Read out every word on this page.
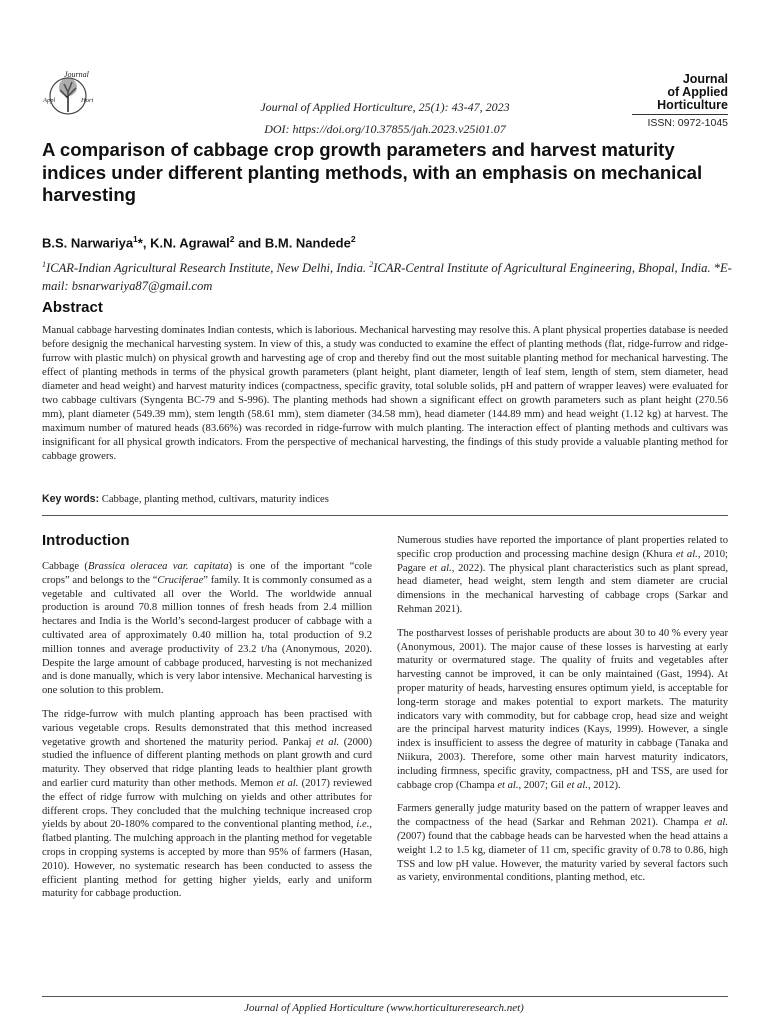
Journal
Appl	Hort	Journal of Applied Horticulture, 25(1): 43-47, 2023
DOI: https://doi.org/10.37855/jah.2023.v25i01.07
Journal
of Applied
Horticulture
ISSN: 0972-1045
A comparison of cabbage crop growth parameters and harvest maturity indices under different planting methods, with an emphasis on mechanical harvesting
B.S. Narwariya$^1$*, K.N. Agrawal$^2$ and B.M. Nandede$^2$
$^1$ICAR-Indian Agricultural Research Institute, New Delhi, India. $^2$ICAR-Central Institute of Agricultural Engineering, Bhopal, India. *E-mail: bsnarwariya87@gmail.com
Abstract

Manual cabbage harvesting dominates Indian contests, which is laborious. Mechanical harvesting may resolve this. A plant physical properties database is needed before designig the mechanical harvesting system. In view of this, a study was conducted to examine the effect of planting methods (flat, ridge-furrow and ridge-furrow with plastic mulch) on physical growth and harvesting age of crop and thereby find out the most suitable planting method for mechanical harvesting. The effect of planting methods in terms of the physical growth parameters (plant height, plant diameter, length of leaf stem, length of stem, stem diameter, head diameter and head weight) and harvest maturity indices (compactness, specific gravity, total soluble solids, pH and pattern of wrapper leaves) were evaluated for two cabbage cultivars (Syngenta BC-79 and S-996). The planting methods had shown a significant effect on growth parameters such as plant height (270.56 mm), plant diameter (549.39 mm), stem length (58.61 mm), stem diameter (34.58 mm), head diameter (144.89 mm) and head weight (1.12 kg) at harvest. The maximum number of matured heads (83.66%) was recorded in ridge-furrow with mulch planting. The interaction effect of planting methods and cultivars was insignificant for all physical growth indicators. From the perspective of mechanical harvesting, the findings of this study provide a valuable planting method for cabbage growers.

Key words: Cabbage, planting method, cultivars, maturity indices
Introduction

Cabbage (Brassica oleracea var. capitata) is one of the important “cole crops” and belongs to the “Cruciferae” family. It is commonly consumed as a vegetable and cultivated all over the World. The worldwide annual production is around 70.8 million tonnes of fresh heads from 2.4 million hectares and India is the World’s second-largest producer of cabbage with a cultivated area of approximately 0.40 million ha, total production of 9.2 million tonnes and average productivity of 23.2 t/ha (Anonymous, 2020). Despite the large amount of cabbage produced, harvesting is not mechanized and is done manually, which is very labor intensive. Mechanical harvesting is one solution to this problem.

The ridge-furrow with mulch planting approach has been practised with various vegetable crops. Results demonstrated that this method increased vegetative growth and shortened the maturity period. Pankaj et al. (2000) studied the influence of different planting methods on plant growth and curd maturity. They observed that ridge planting leads to healthier plant growth and earlier curd maturity than other methods. Memon et al. (2017) reviewed the effect of ridge furrow with mulching on yields and other attributes for different crops. They concluded that the mulching technique increased crop yields by about 20-180% compared to the conventional planting method, i.e., flatbed planting. The mulching approach in the planting method for vegetable crops in cropping systems is accepted by more than 95% of farmers (Hasan, 2010). However, no systematic research has been conducted to assess the efficient planting method for getting higher yields, early and uniform maturity for cabbage production.

Numerous studies have reported the importance of plant properties related to specific crop production and processing machine design (Khura et al., 2010; Pagare et al., 2022). The physical plant characteristics such as plant spread, head diameter, head weight, stem length and stem diameter are crucial dimensions in the mechanical harvesting of cabbage crops (Sarkar and Rehman 2021).

The postharvest losses of perishable products are about 30 to 40 % every year (Anonymous, 2001). The major cause of these losses is harvesting at early maturity or overmatured stage. The quality of fruits and vegetables after harvesting cannot be improved, it can be only maintained (Gast, 1994). At proper maturity of heads, harvesting ensures optimum yield, is acceptable for long-term storage and makes potential to export markets. The maturity indicators vary with commodity, but for cabbage crop, head size and weight are the principal harvest maturity indices (Kays, 1999). However, a single index is insufficient to assess the degree of maturity in cabbage (Tanaka and Niikura, 2003). Therefore, some other main harvest maturity indicators, including firmness, specific gravity, compactness, pH and TSS, are used for cabbage crop (Champa et al., 2007; Gil et al., 2012).

Farmers generally judge maturity based on the pattern of wrapper leaves and the compactness of the head (Sarkar and Rehman 2021). Champa et al. (2007) found that the cabbage heads can be harvested when the head attains a weight 1.2 to 1.5 kg, diameter of 11 cm, specific gravity of 0.78 to 0.86, high TSS and low pH value. However, the maturity varied by several factors such as variety, environmental conditions, planting method, etc.

Journal of Applied Horticulture (www.horticultureresearch.net)
